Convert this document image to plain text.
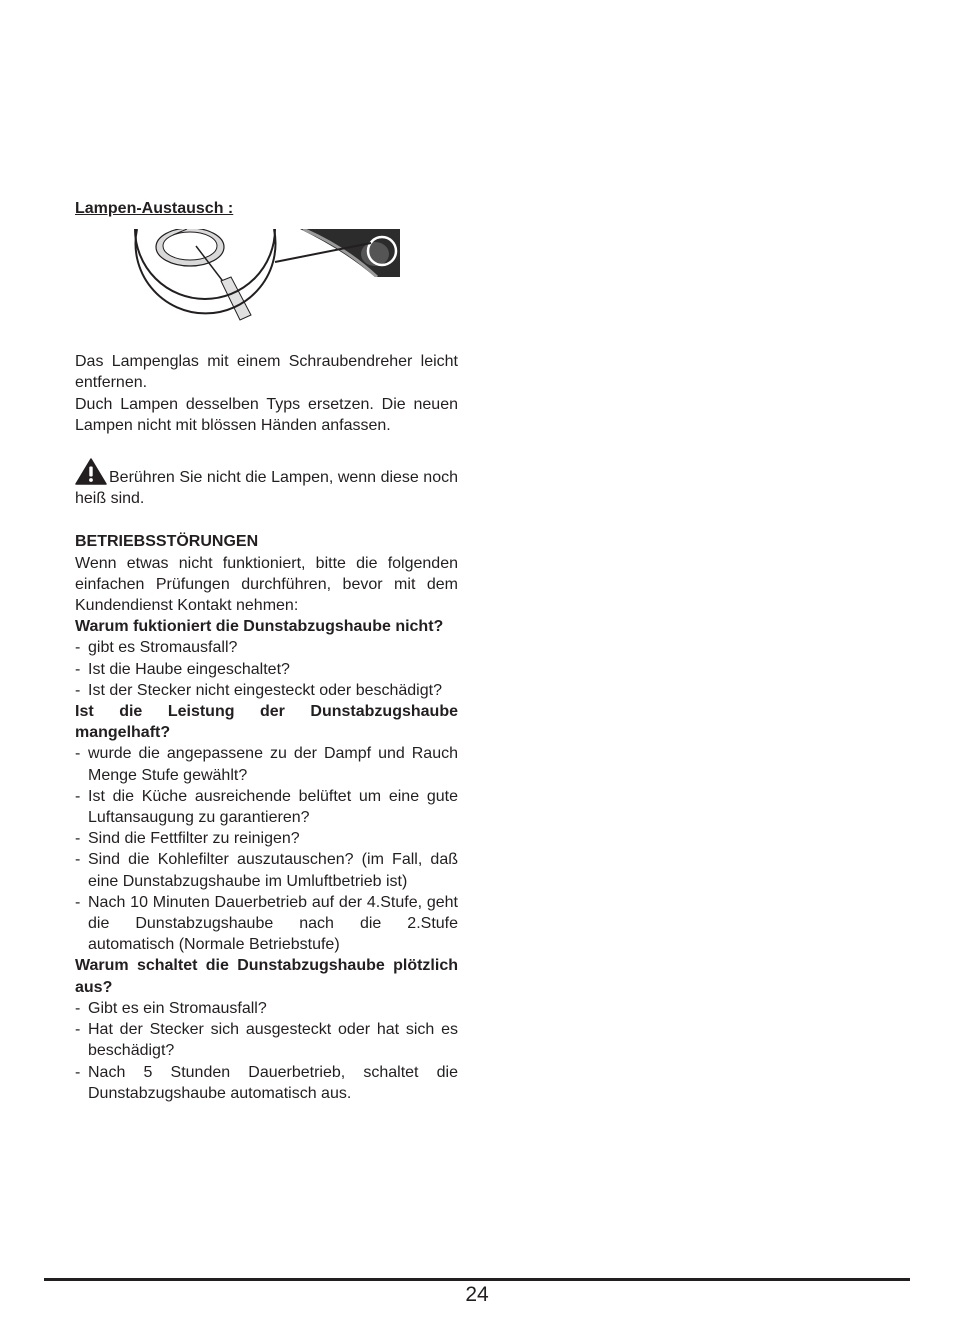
Lampen-Austausch :

Das Lampenglas mit einem Schraubendreher leicht entfernen.

Duch Lampen desselben Typs ersetzen. Die neuen Lampen nicht mit blössen Händen anfassen.

Berühren Sie nicht die Lampen, wenn diese noch heiß sind.

BETRIEBSSTÖRUNGEN

Wenn etwas nicht funktioniert, bitte die folgenden einfachen Prüfungen durchführen, bevor mit dem Kundendienst Kontakt nehmen:

Warum fuktioniert die Dunstabzugshaube nicht?

- gibt es Stromausfall?
- Ist die Haube eingeschaltet?
- Ist der Stecker nicht eingesteckt oder beschädigt?

Ist die Leistung der Dunstabzugshaube mangelhaft?

- wurde die angepassene zu der Dampf und Rauch Menge Stufe gewählt?
- Ist die Küche ausreichende belüftet um eine gute Luftansaugung zu garantieren?
- Sind die Fettfilter zu reinigen?
- Sind die Kohlefilter auszutauschen? (im Fall, daß eine Dunstabzugshaube im Umluftbetrieb ist)
- Nach 10 Minuten Dauerbetrieb auf der 4.Stufe, geht die Dunstabzugshaube nach die 2.Stufe automatisch (Normale Betriebstufe)

Warum schaltet die Dunstabzugshaube plötzlich aus?

- Gibt es ein Stromausfall?
- Hat der Stecker sich ausgesteckt oder hat sich es beschädigt?
- Nach 5 Stunden Dauerbetrieb, schaltet die Dunstabzugshaube automatisch aus.
24
